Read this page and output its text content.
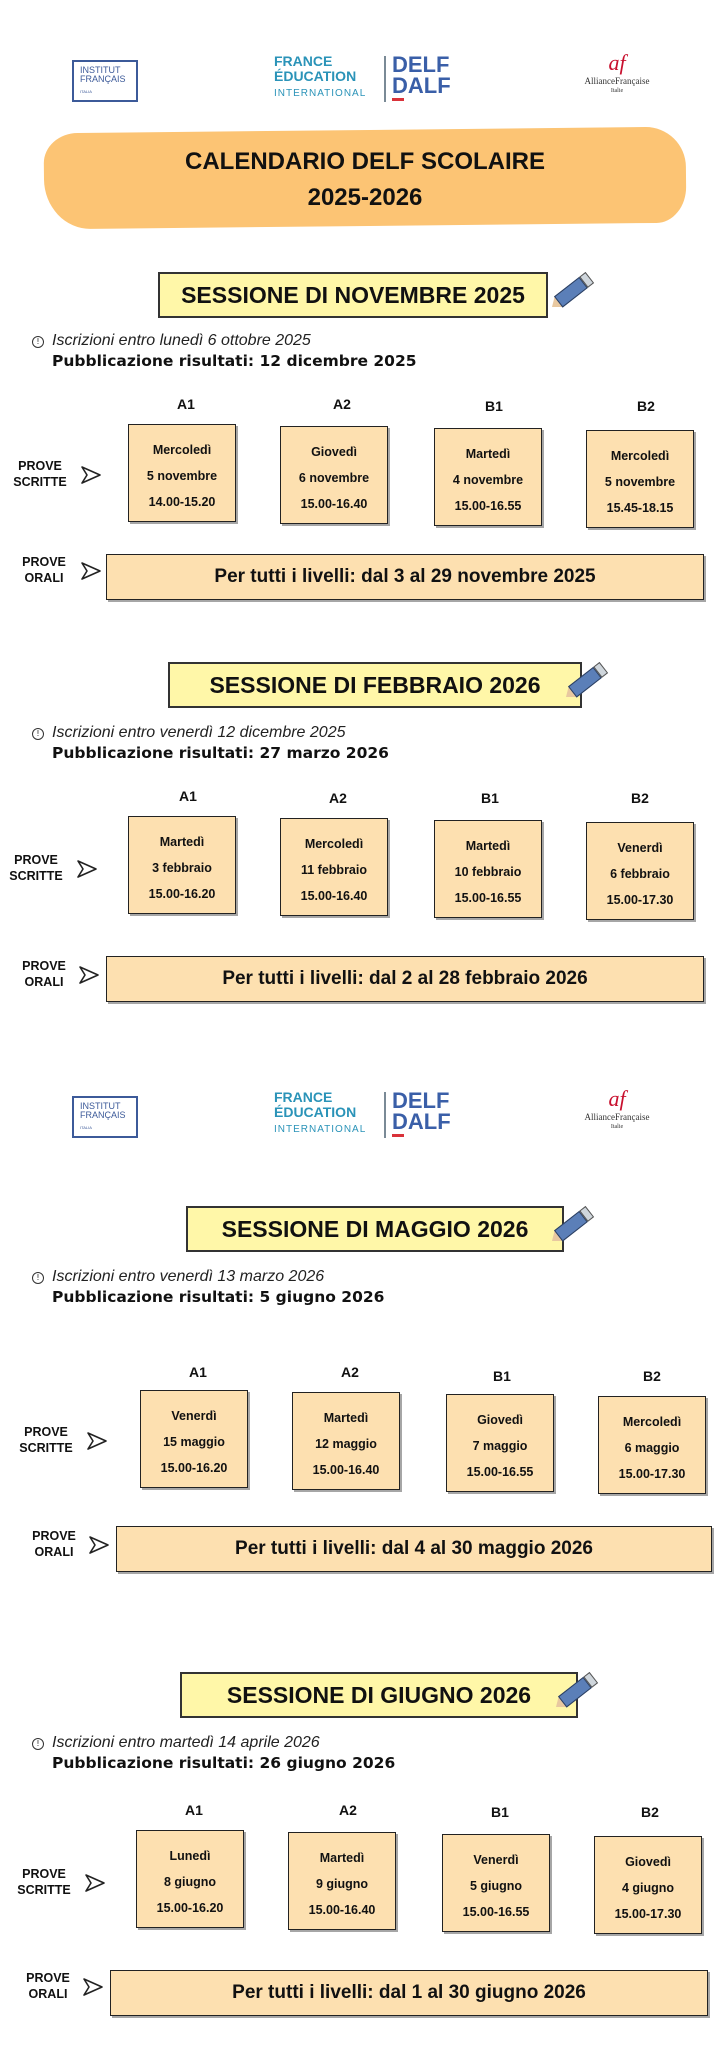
INSTITUT
FRANÇAIS
ITALIA
FRANCE
ÉDUCATION
INTERNATIONAL
DELF
DALF
af
AllianceFrançaise
Italie
CALENDARIO DELF SCOLAIRE
2025-2026
SESSIONE DI NOVEMBRE 2025
! Iscrizioni entro lunedì 6 ottobre 2025
Pubblicazione risultati: 12 dicembre 2025
A1	A2	B1	B2
PROVE SCRITTE
Mercoledì
5 novembre
14.00-15.20
Giovedì
6 novembre
15.00-16.40
Martedì
4 novembre
15.00-16.55
Mercoledì
5 novembre
15.45-18.15
PROVE ORALI	Per tutti i livelli: dal 3 al 29 novembre 2025
SESSIONE DI FEBBRAIO 2026
! Iscrizioni entro venerdì 12 dicembre 2025
Pubblicazione risultati: 27 marzo 2026
A1	A2	B1	B2
PROVE SCRITTE
Martedì
3 febbraio
15.00-16.20
Mercoledì
11 febbraio
15.00-16.40
Martedì
10 febbraio
15.00-16.55
Venerdì
6 febbraio
15.00-17.30
PROVE ORALI	Per tutti i livelli: dal 2 al 28 febbraio 2026
INSTITUT
FRANÇAIS
ITALIA
FRANCE
ÉDUCATION
INTERNATIONAL
DELF
DALF
af
AllianceFrançaise
Italie
SESSIONE DI MAGGIO 2026
! Iscrizioni entro venerdì 13 marzo 2026
Pubblicazione risultati: 5 giugno 2026
A1	A2	B1	B2
PROVE SCRITTE
Venerdì
15 maggio
15.00-16.20
Martedì
12 maggio
15.00-16.40
Giovedì
7 maggio
15.00-16.55
Mercoledì
6 maggio
15.00-17.30
PROVE ORALI	Per tutti i livelli: dal 4 al 30 maggio 2026
SESSIONE DI GIUGNO 2026
! Iscrizioni entro martedì 14 aprile 2026
Pubblicazione risultati: 26 giugno 2026
A1	A2	B1	B2
PROVE SCRITTE
Lunedì
8 giugno
15.00-16.20
Martedì
9 giugno
15.00-16.40
Venerdì
5 giugno
15.00-16.55
Giovedì
4 giugno
15.00-17.30
PROVE ORALI	Per tutti i livelli: dal 1 al 30 giugno 2026
